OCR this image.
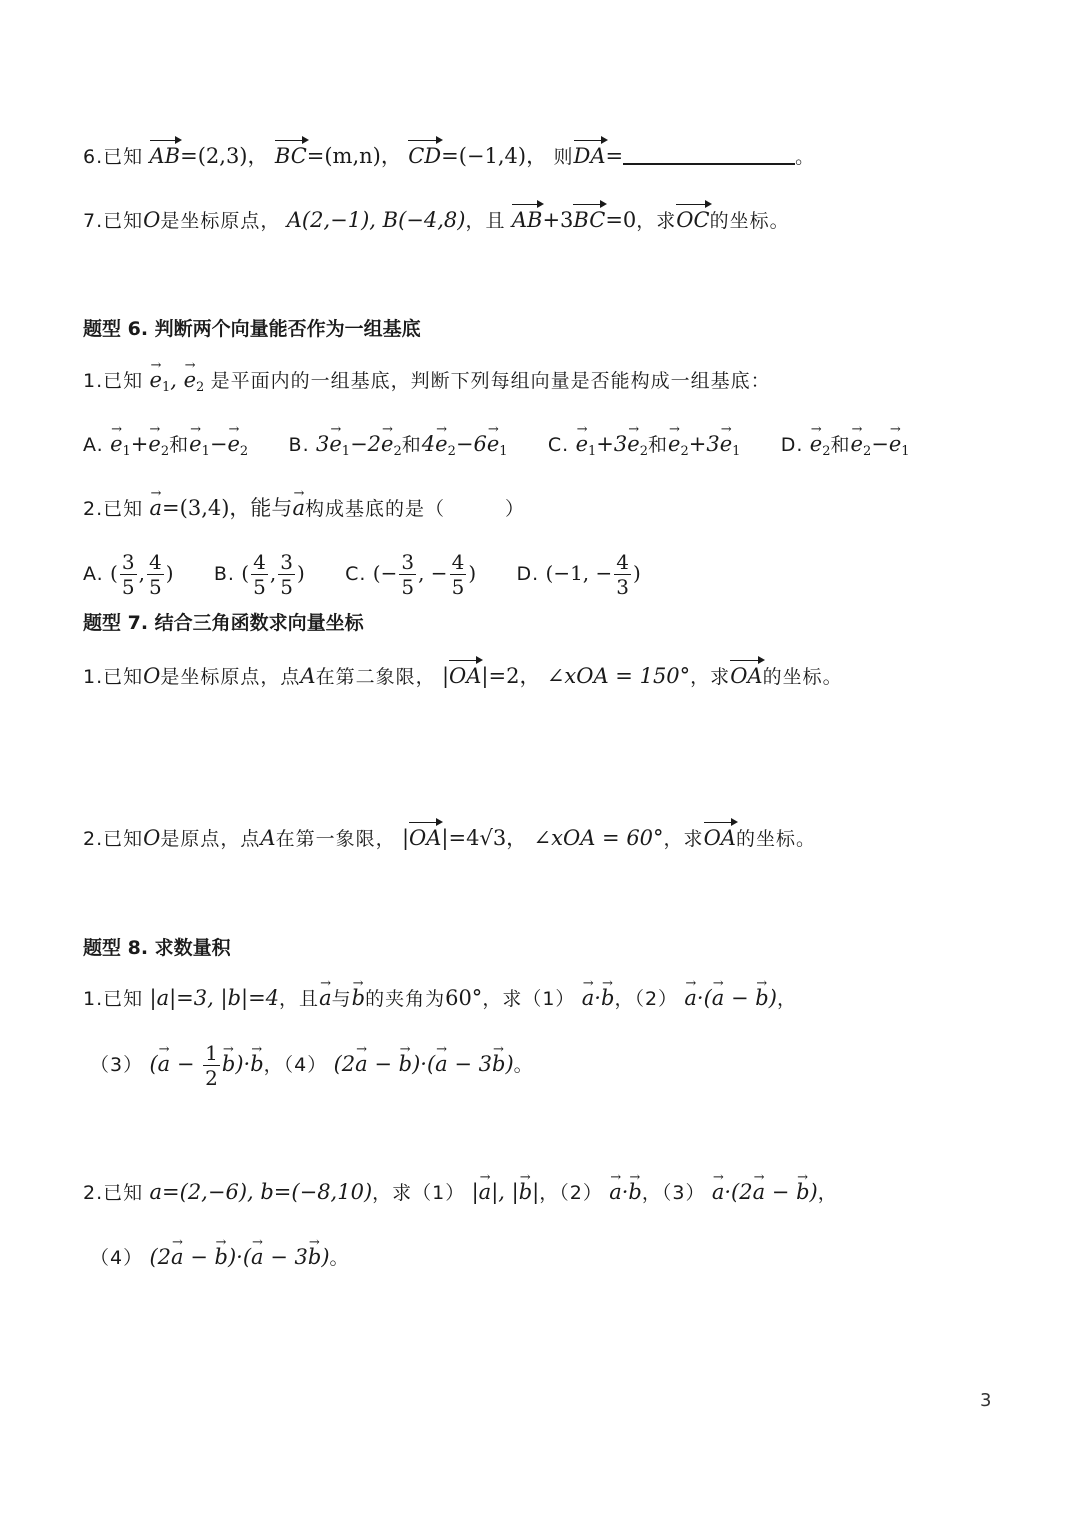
6.已知 AB=(2,3)， BC=(m,n)， CD=(−1,4)， 则DA=	。
7.已知O是坐标原点， A(2,−1), B(−4,8)，且 AB+3BC=0，求OC的坐标。
题型 6. 判断两个向量能否作为一组基底
1.已知 → $e_1$, → $e_2$ 是平面内的一组基底，判断下列每组向量是否能构成一组基底：
A. → $e_1+\to e_2$和→ $e_1-\to e_2$ B. $3\to e_1-2\to e_2$和$4\to e_2-6\to e_1$ C. → $e_1+3\to e_2$和→ $e_2+3\to e_1$ D. → $e_2$和→ $e_2-\to e_1$
2.已知 → a=(3,4)，能与→ a构成基底的是（　　　）
A. ( $\frac{3}{5}$ , $\frac{4}{5}$ ) B. ( $\frac{4}{5}$ , $\frac{3}{5}$ ) C. (− $\frac{3}{5}$ , − $\frac{4}{5}$ ) D. (−1, − $\frac{4}{3}$ )
题型 7. 结合三角函数求向量坐标
1.已知O是坐标原点，点A在第二象限， |OA|=2， ∠xOA = 150°，求OA的坐标。
2.已知O是原点，点A在第一象限， |OA|=4√3， ∠xOA = 60°，求OA的坐标。
题型 8. 求数量积
1.已知 |a|=3, |b|=4，且→ a与→ b的夹角为60°，求（1） → a·→ b，（2） → a·(→ a − → b)，
（3） (→ $a - \frac{1}{2}$
→ b)·→ b，（4） (2→ a − → b)·(→ a − 3→ b)。
2.已知 a=(2,−6), b=(−8,10)，求（1） |→ a|, |→ b|，（2） → a·→ b，（3） → a·(2→ a − → b)，
（4） (2→ a − → b)·(→ a − 3→ b)。
3
